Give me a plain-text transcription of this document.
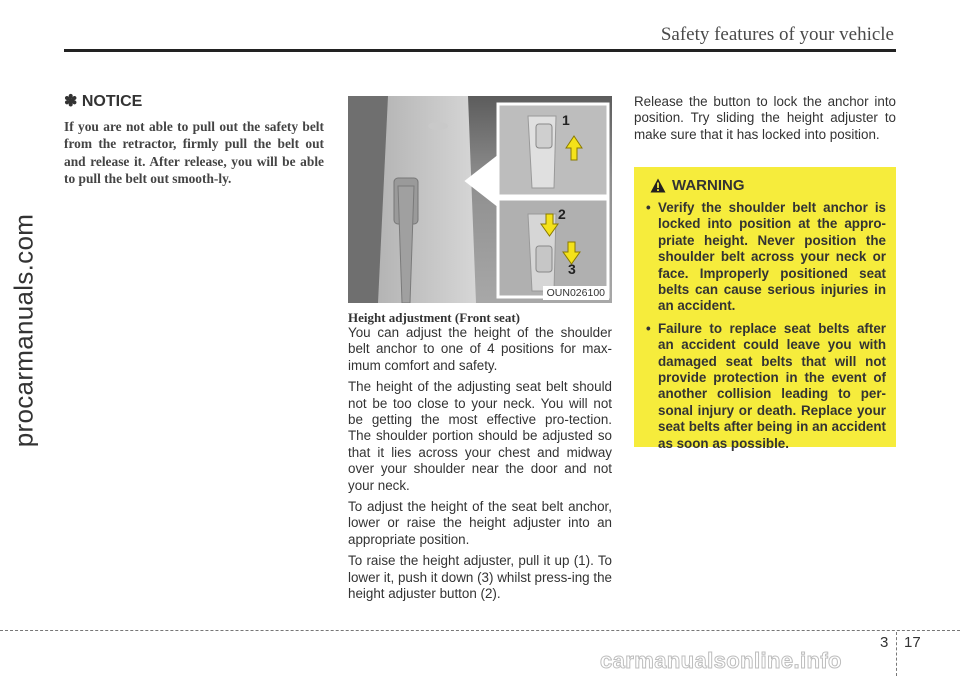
Safety features of your vehicle
procarmanuals.com
✽ NOTICE
If you are not able to pull out the safety belt from the retractor, firmly pull the belt out and release it. After release, you will be able to pull the belt out smooth-ly.
1
2
3
OUN026100
Height adjustment (Front seat)

You can adjust the height of the shoulder belt anchor to one of 4 positions for max-imum comfort and safety.

The height of the adjusting seat belt should not be too close to your neck. You will not be getting the most effective pro-tection. The shoulder portion should be adjusted so that it lies across your chest and midway over your shoulder near the door and not your neck.

To adjust the height of the seat belt anchor, lower or raise the height adjuster into an appropriate position.

To raise the height adjuster, pull it up (1). To lower it, push it down (3) whilst press-ing the height adjuster button (2).

Release the button to lock the anchor into position. Try sliding the height adjuster to make sure that it has locked into position.

WARNING
• Verify the shoulder belt anchor is locked into position at the appro-priate height. Never position the shoulder belt across your neck or face. Improperly positioned seat belts can cause serious injuries in an accident.
• Failure to replace seat belts after an accident could leave you with damaged seat belts that will not provide protection in the event of another collision leading to per-sonal injury or death. Replace your seat belts after being in an accident as soon as possible.
3 17
carmanualsonline.info
